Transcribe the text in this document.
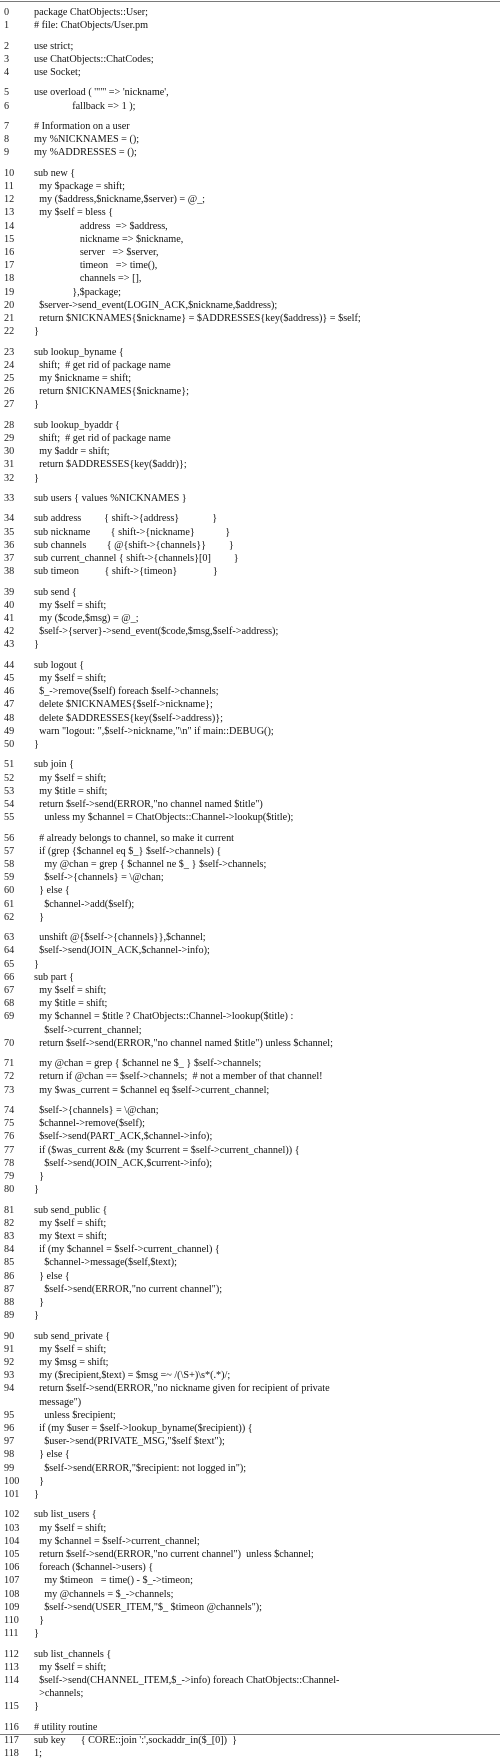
0	package ChatObjects::User;
1	# file: ChatObjects/User.pm
2	use strict;
3	use ChatObjects::ChatCodes;
4	use Socket;
5	use overload ( '""' => 'nickname',
6	fallback => 1 );
7	# Information on a user
8	my %NICKNAMES = ();
9	my %ADDRESSES = ();
10	sub new {
11	my $package = shift;
12	my ($address,$nickname,$server) = @_;
13	my $self = bless {
14	address  => $address,
15	nickname => $nickname,
16	server   => $server,
17	timeon   => time(),
18	channels => [],
19	},$package;
20	$server->send_event(LOGIN_ACK,$nickname,$address);
21	return $NICKNAMES{$nickname} = $ADDRESSES{key($address)} = $self;
22	}
23	sub lookup_byname {
24	shift;  # get rid of package name
25	my $nickname = shift;
26	return $NICKNAMES{$nickname};
27	}
28	sub lookup_byaddr {
29	shift;  # get rid of package name
30	my $addr = shift;
31	return $ADDRESSES{key($addr)};
32	}
33	sub users { values %NICKNAMES }
34	sub address         { shift->{address}             }
35	sub nickname        { shift->{nickname}            }
36	sub channels        { @{shift->{channels}}         }
37	sub current_channel { shift->{channels}[0]         }
38	sub timeon          { shift->{timeon}              }
39	sub send {
40	my $self = shift;
41	my ($code,$msg) = @_;
42	$self->{server}->send_event($code,$msg,$self->address);
43	}
44	sub logout {
45	my $self = shift;
46	$_->remove($self) foreach $self->channels;
47	delete $NICKNAMES{$self->nickname};
48	delete $ADDRESSES{key($self->address)};
49	warn "logout: ",$self->nickname,"\n" if main::DEBUG();
50	}
51	sub join {
52	my $self = shift;
53	my $title = shift;
54	return $self->send(ERROR,"no channel named $title")
55	unless my $channel = ChatObjects::Channel->lookup($title);
56	# already belongs to channel, so make it current
57	if (grep {$channel eq $_} $self->channels) {
58	my @chan = grep { $channel ne $_ } $self->channels;
59	$self->{channels} = \@chan;
60	} else {
61	$channel->add($self);
62	}
63	unshift @{$self->{channels}},$channel;
64	$self->send(JOIN_ACK,$channel->info);
65	}
66	sub part {
67	my $self = shift;
68	my $title = shift;
69	my $channel = $title ? ChatObjects::Channel->lookup($title) :
$self->current_channel;
70	return $self->send(ERROR,"no channel named $title") unless $channel;
71	my @chan = grep { $channel ne $_ } $self->channels;
72	return if @chan == $self->channels;  # not a member of that channel!
73	my $was_current = $channel eq $self->current_channel;
74	$self->{channels} = \@chan;
75	$channel->remove($self);
76	$self->send(PART_ACK,$channel->info);
77	if ($was_current && (my $current = $self->current_channel)) {
78	$self->send(JOIN_ACK,$current->info);
79	}
80	}
81	sub send_public {
82	my $self = shift;
83	my $text = shift;
84	if (my $channel = $self->current_channel) {
85	$channel->message($self,$text);
86	} else {
87	$self->send(ERROR,"no current channel");
88	}
89	}
90	sub send_private {
91	my $self = shift;
92	my $msg = shift;
93	my ($recipient,$text) = $msg =~ /(\S+)\s*(.*)/;
94	return $self->send(ERROR,"no nickname given for recipient of private
message")
95	unless $recipient;
96	if (my $user = $self->lookup_byname($recipient)) {
97	$user->send(PRIVATE_MSG,"$self $text");
98	} else {
99	$self->send(ERROR,"$recipient: not logged in");
100	}
101	}
102	sub list_users {
103	my $self = shift;
104	my $channel = $self->current_channel;
105	return $self->send(ERROR,"no current channel")  unless $channel;
106	foreach ($channel->users) {
107	my $timeon   = time() - $_->timeon;
108	my @channels = $_->channels;
109	$self->send(USER_ITEM,"$_ $timeon @channels");
110	}
111	}
112	sub list_channels {
113	my $self = shift;
114	$self->send(CHANNEL_ITEM,$_->info) foreach ChatObjects::Channel-
>channels;
115	}
116	# utility routine
117	sub key      { CORE::join ':',sockaddr_in($_[0])  }
118	1;
